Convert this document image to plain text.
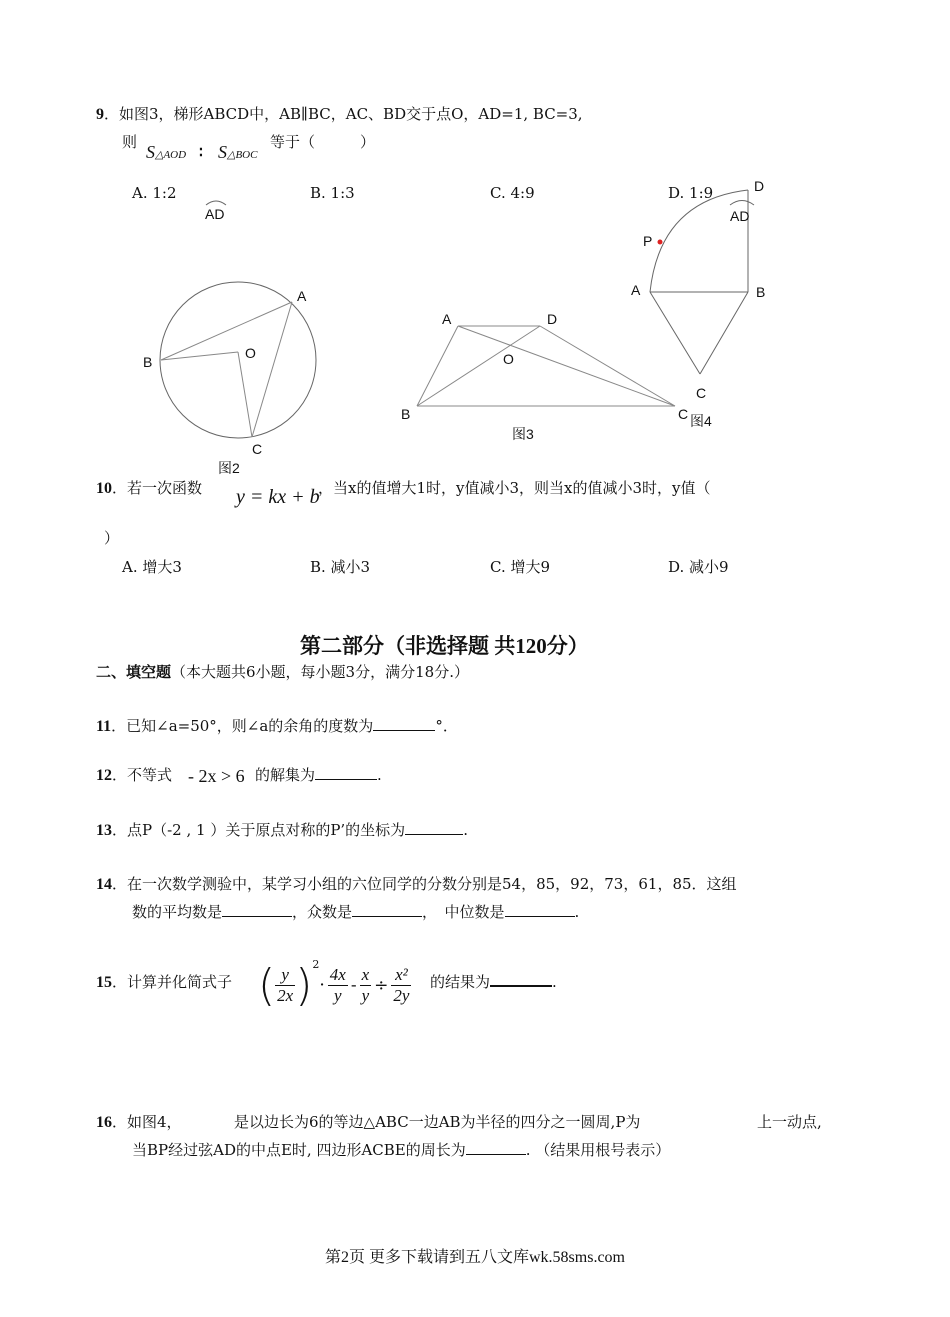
9．如图3，梯形ABCD中，AB∥BC，AC、BD交于点O，AD=1, BC=3,
则 S△AOD ∶ S△BOC
等于（　　　）
A. 1:2	B. 1:3	C. 4:9	D. 1:9
AD	AD
A
B
O
C
图2
A	D
O
B	C
图3
D
P
A	B
C
图4
10．若一次函数 y = kx + b
，当x的值增大1时，y值减小3，则当x的值减小3时，y值（
）
A. 增大3	B. 减小3	C. 增大9	D. 减小9
第二部分（非选择题 共120分）
二、填空题（本大题共6小题，每小题3分，满分18分.）
11．已知∠a=50°，则∠a的余角的度数为	°．
12．不等式 - 2x > 6 的解集为	.
13．点P（-2 , 1 ）关于原点对称的P’的坐标为	.
14．在一次数学测验中，某学习小组的六位同学的分数分别是54，85，92，73，61，85．这组
数的平均数是	，众数是	，　中位数是	.
15．计算并化简式子 ( $\frac{y}{2x} )^2\cdot \frac{4x}{y} - \frac{x}{y} \div \frac{\text{x²}}{2y}$ 的结果为	.
16．如图4，	是以边长为6的等边△ABC一边AB为半径的四分之一圆周,P为	上一动点,
当BP经过弦AD的中点E时, 四边形ACBE的周长为	. （结果用根号表示）
第2页 更多下载请到五八文库wk.58sms.com
